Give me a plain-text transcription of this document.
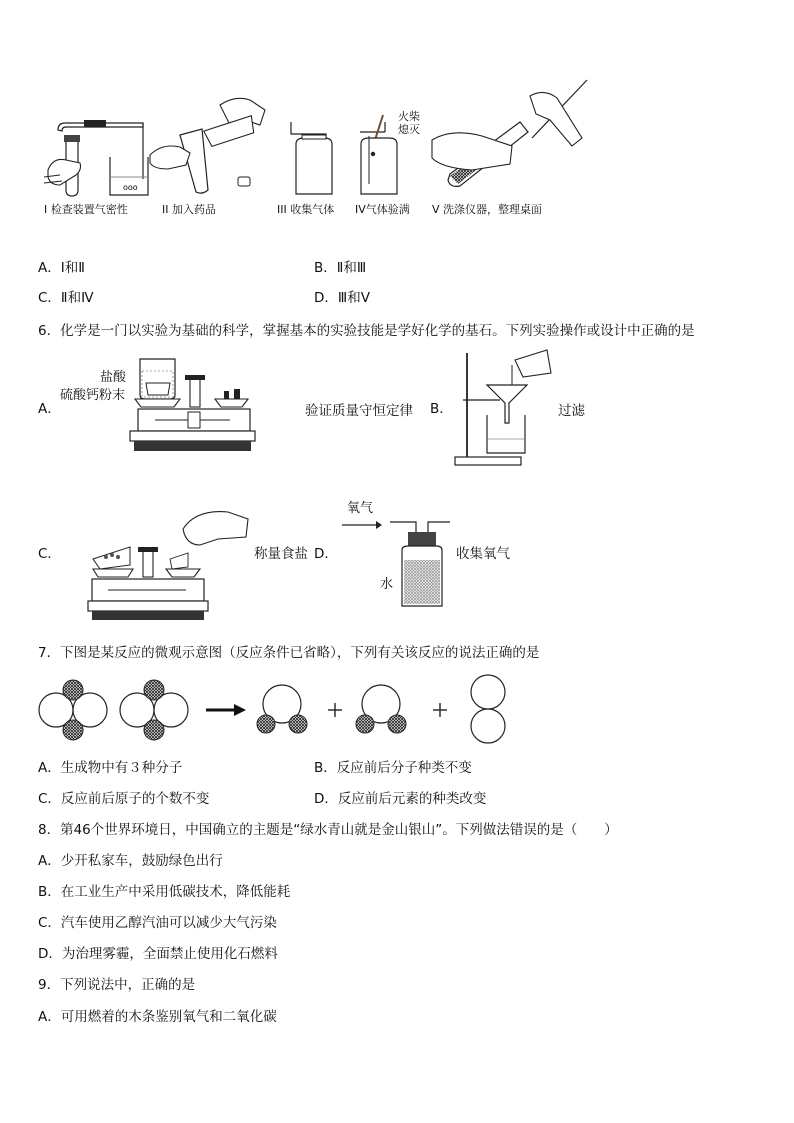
ooo
I 检查装置气密性	II 加入药品	III 收集气体
火柴
熄灭
IV气体验满 V 洗涤仪器，整理桌面
A．Ⅰ和Ⅱ	B．Ⅱ和Ⅲ
C．Ⅱ和Ⅳ	D．Ⅲ和Ⅴ
6．化学是一门以实验为基础的科学，掌握基本的实验技能是学好化学的基石。下列实验操作或设计中正确的是
A．
盐酸
硫酸钙粉末
验证质量守恒定律 B．	过滤
C．	称量食盐 D．
氧气
水
收集氧气
7．下图是某反应的微观示意图（反应条件已省略），下列有关该反应的说法正确的是
A．生成物中有３种分子	B．反应前后分子种类不变
C．反应前后原子的个数不变	D．反应前后元素的种类改变
8．第46个世界环境日，中国确立的主题是“绿水青山就是金山银山”。下列做法错误的是（　　）
A．少开私家车，鼓励绿色出行
B．在工业生产中采用低碳技术，降低能耗
C．汽车使用乙醇汽油可以减少大气污染
D．为治理雾霾，全面禁止使用化石燃料
9．下列说法中，正确的是
A．可用燃着的木条鉴别氧气和二氧化碳
